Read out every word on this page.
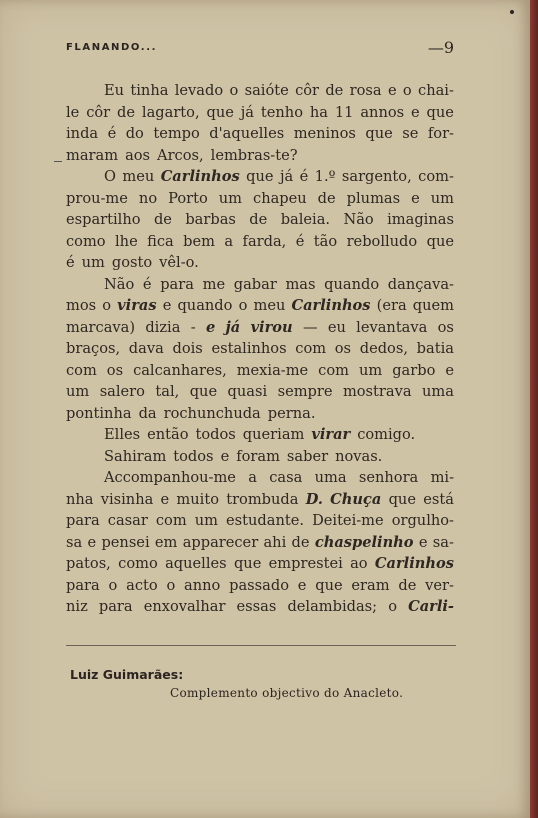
FLANANDO...	—9
Eu tinha levado o saióte côr de rosa e o chai-
le côr de lagarto, que já tenho ha 11 annos e que
inda é do tempo d'aquelles meninos que se for-
maram aos Arcos, lembras-te?
O meu Carlinhos que já é 1.º sargento, com-
prou-me no Porto um chapeu de plumas e um
espartilho de barbas de baleia. Não imaginas
como lhe fica bem a farda, é tão rebolludo que
é um gosto vêl-o.
Não é para me gabar mas quando dançava-
mos o viras e quando o meu Carlinhos (era quem
marcava) dizia - e já virou — eu levantava os
braços, dava dois estalinhos com os dedos, batia
com os calcanhares, mexia-me com um garbo e
um salero tal, que quasi sempre mostrava uma
pontinha da rochunchuda perna.
Elles então todos queriam virar comigo.
Sahiram todos e foram saber novas.
Accompanhou-me a casa uma senhora mi-
nha visinha e muito trombuda D. Chuça que está
para casar com um estudante. Deitei-me orgulho-
sa e pensei em apparecer ahi de chaspelinho e sa-
patos, como aquelles que emprestei ao Carlinhos
para o acto o anno passado e que eram de ver-
niz para enxovalhar essas delambidas; o Carli-
Luiz Guimarães:
Complemento objectivo do Anacleto.
